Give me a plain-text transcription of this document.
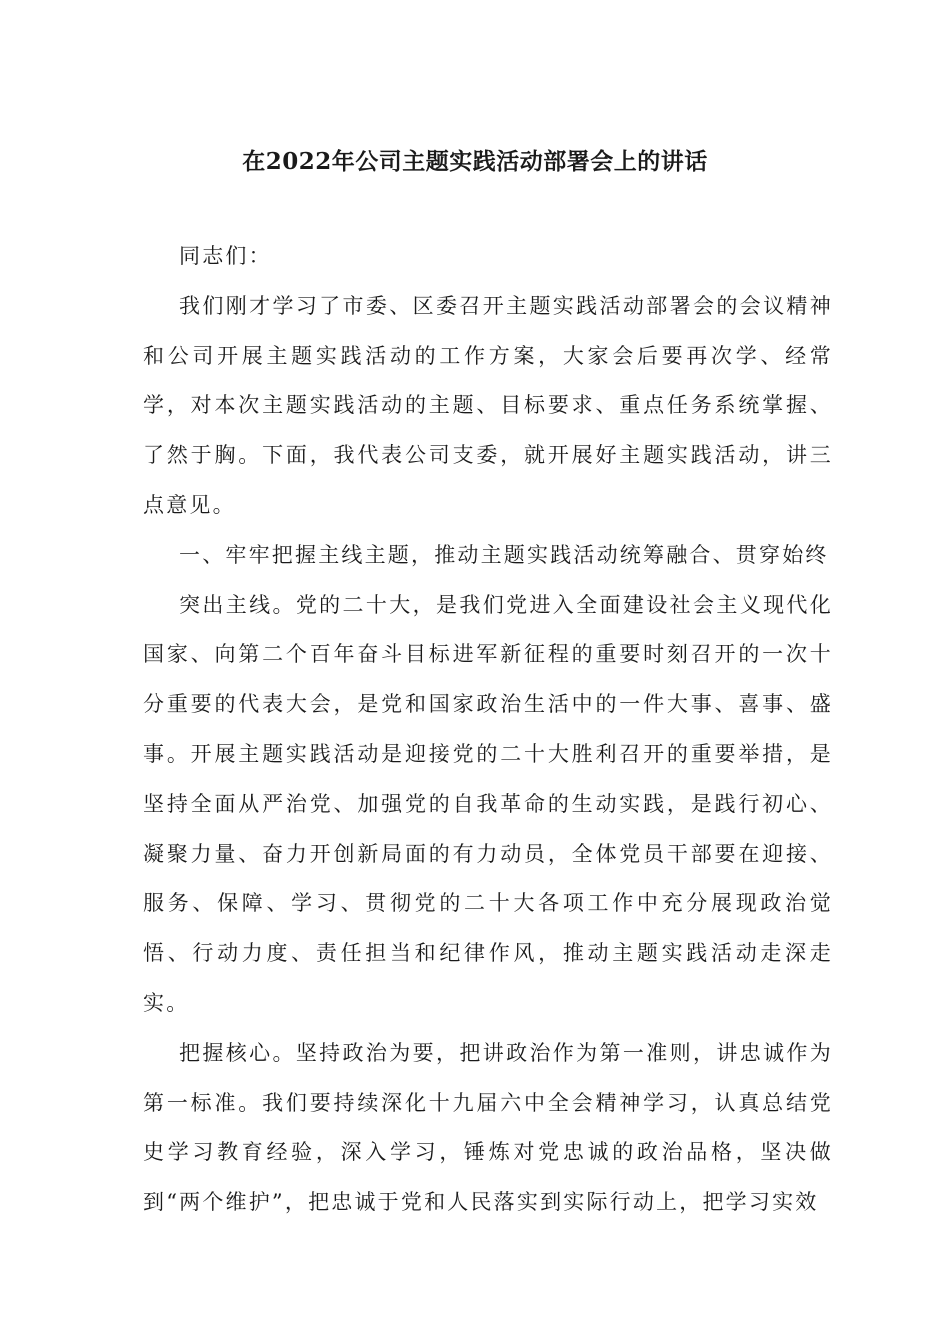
在2022年公司主题实践活动部署会上的讲话

同志们：

我们刚才学习了市委、区委召开主题实践活动部署会的会议精神和公司开展主题实践活动的工作方案，大家会后要再次学、经常学，对本次主题实践活动的主题、目标要求、重点任务系统掌握、了然于胸。下面，我代表公司支委，就开展好主题实践活动，讲三点意见。

一、牢牢把握主线主题，推动主题实践活动统筹融合、贯穿始终

突出主线。党的二十大，是我们党进入全面建设社会主义现代化国家、向第二个百年奋斗目标进军新征程的重要时刻召开的一次十分重要的代表大会，是党和国家政治生活中的一件大事、喜事、盛事。开展主题实践活动是迎接党的二十大胜利召开的重要举措，是坚持全面从严治党、加强党的自我革命的生动实践，是践行初心、凝聚力量、奋力开创新局面的有力动员，全体党员干部要在迎接、服务、保障、学习、贯彻党的二十大各项工作中充分展现政治觉悟、行动力度、责任担当和纪律作风，推动主题实践活动走深走实。

把握核心。坚持政治为要，把讲政治作为第一准则，讲忠诚作为第一标准。我们要持续深化十九届六中全会精神学习，认真总结党史学习教育经验，深入学习，锤炼对党忠诚的政治品格，坚决做到“两个维护”，把忠诚于党和人民落实到实际行动上，把学习实效
